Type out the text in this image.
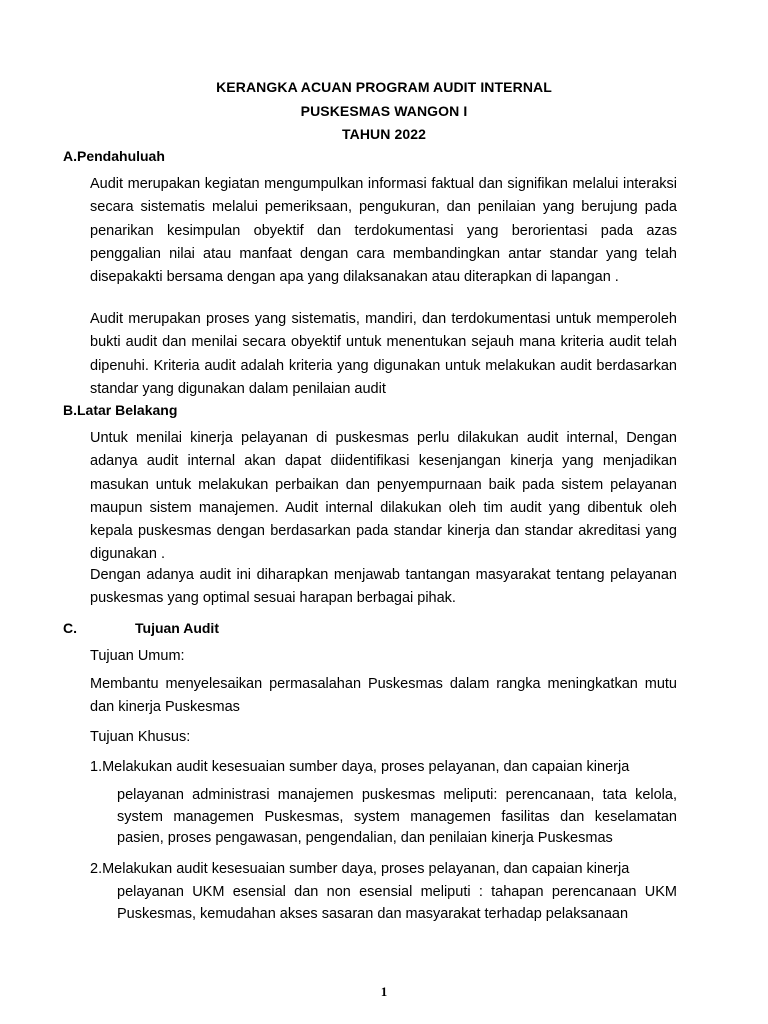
KERANGKA ACUAN PROGRAM AUDIT INTERNAL
PUSKESMAS WANGON I
TAHUN 2022
A.Pendahuluah

Audit merupakan kegiatan mengumpulkan informasi faktual dan signifikan melalui interaksi secara sistematis melalui pemeriksaan, pengukuran, dan penilaian yang berujung pada penarikan kesimpulan obyektif dan terdokumentasi yang berorientasi pada azas penggalian nilai atau manfaat dengan cara membandingkan antar standar yang telah disepakakti bersama dengan apa yang dilaksanakan atau diterapkan di lapangan .

Audit merupakan proses yang sistematis, mandiri, dan terdokumentasi untuk memperoleh bukti audit dan menilai secara obyektif untuk menentukan sejauh mana kriteria audit telah dipenuhi. Kriteria audit adalah kriteria yang digunakan untuk melakukan audit berdasarkan standar yang digunakan dalam penilaian audit

B.Latar Belakang

Untuk menilai kinerja pelayanan di puskesmas perlu dilakukan audit internal, Dengan adanya audit internal akan dapat diidentifikasi kesenjangan kinerja yang menjadikan masukan untuk melakukan perbaikan dan penyempurnaan baik pada sistem pelayanan maupun sistem manajemen. Audit internal dilakukan oleh tim audit yang dibentuk oleh kepala puskesmas dengan berdasarkan pada standar kinerja dan standar akreditasi yang digunakan .

Dengan adanya audit ini diharapkan menjawab tantangan masyarakat tentang pelayanan puskesmas yang optimal sesuai harapan berbagai pihak.

C.	Tujuan Audit

Tujuan Umum:

Membantu menyelesaikan permasalahan Puskesmas dalam rangka meningkatkan mutu dan kinerja Puskesmas

Tujuan Khusus:

1.Melakukan audit kesesuaian sumber daya, proses pelayanan, dan capaian kinerja

pelayanan administrasi manajemen puskesmas meliputi: perencanaan, tata kelola, system managemen Puskesmas, system managemen fasilitas dan keselamatan pasien, proses pengawasan, pengendalian, dan penilaian kinerja Puskesmas

2.Melakukan audit kesesuaian sumber daya, proses pelayanan, dan capaian kinerja

pelayanan UKM esensial dan non esensial meliputi : tahapan perencanaan UKM Puskesmas, kemudahan akses sasaran dan masyarakat terhadap pelaksanaan

1
